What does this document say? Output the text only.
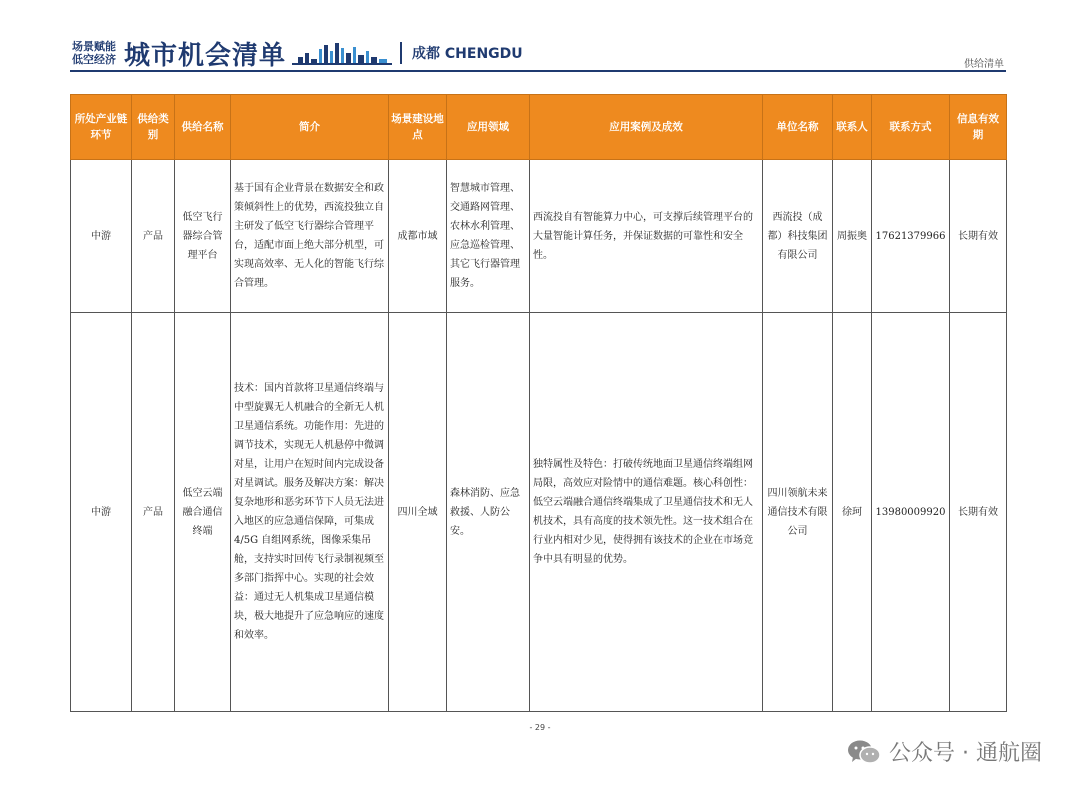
场景赋能
低空经济 城市机会清单	成都 CHENGDU
供给清单
所处产业链环节	供给类别	供给名称	简介	场景建设地点	应用领域	应用案例及成效	单位名称	联系人	联系方式	信息有效期
中游	产品	低空飞行器综合管理平台	基于国有企业背景在数据安全和政策倾斜性上的优势，西流投独立自主研发了低空飞行器综合管理平台，适配市面上绝大部分机型，可实现高效率、无人化的智能飞行综合管理。	成都市域	智慧城市管理、交通路网管理、农林水利管理、应急巡检管理、其它飞行器管理服务。	西流投自有智能算力中心，可支撑后续管理平台的大量智能计算任务，并保证数据的可靠性和安全性。	西流投（成都）科技集团有限公司	周振奥	17621379966	长期有效
中游	产品	低空云端融合通信终端	技术：国内首款将卫星通信终端与中型旋翼无人机融合的全新无人机卫星通信系统。功能作用：先进的调节技术，实现无人机悬停中微调对星，让用户在短时间内完成设备对星调试。服务及解决方案：解决复杂地形和恶劣环节下人员无法进入地区的应急通信保障，可集成 4/5G 自组网系统，图像采集吊舱，支持实时回传飞行录制视频至多部门指挥中心。实现的社会效益：通过无人机集成卫星通信模块，极大地提升了应急响应的速度和效率。	四川全域	森林消防、应急救援、人防公安。	独特属性及特色：打破传统地面卫星通信终端组网局限，高效应对险情中的通信难题。核心科创性：低空云端融合通信终端集成了卫星通信技术和无人机技术，具有高度的技术领先性。这一技术组合在行业内相对少见，使得拥有该技术的企业在市场竞争中具有明显的优势。	四川领航未来通信技术有限公司	徐珂	13980009920	长期有效
- 29 -
公众号 · 通航圈
